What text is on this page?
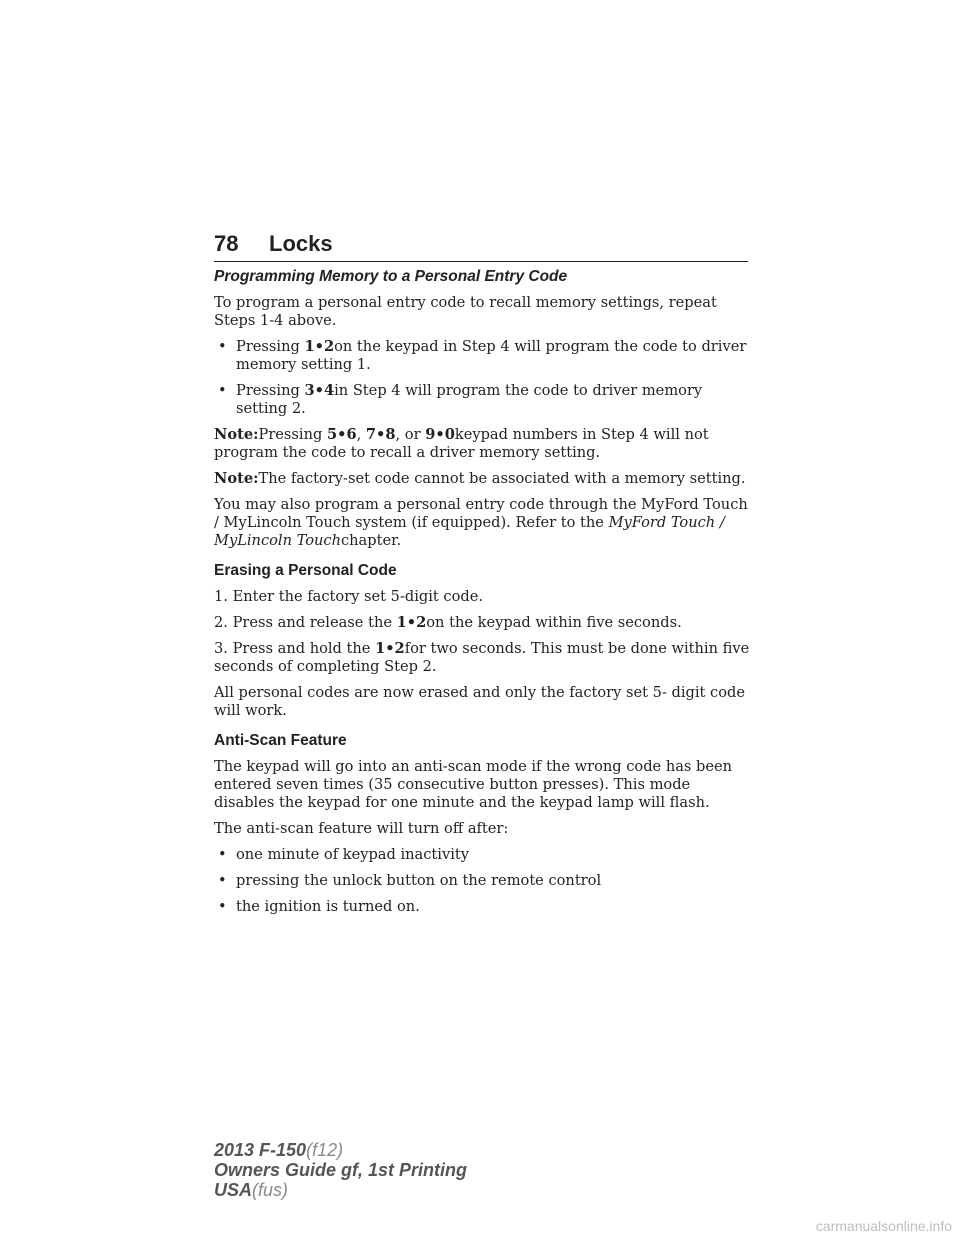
78 Locks
Programming Memory to a Personal Entry Code

To program a personal entry code to recall memory settings, repeat Steps 1-4 above.

• Pressing 1•2on the keypad in Step 4 will program the code to driver memory setting 1.
• Pressing 3•4in Step 4 will program the code to driver memory setting 2.

Note:Pressing 5•6, 7•8, or 9•0keypad numbers in Step 4 will not program the code to recall a driver memory setting.

Note:The factory-set code cannot be associated with a memory setting.

You may also program a personal entry code through the MyFord Touch / MyLincoln Touch system (if equipped). Refer to the MyFord Touch / MyLincoln Touchchapter.

Erasing a Personal Code

1. Enter the factory set 5-digit code.

2. Press and release the 1•2on the keypad within five seconds.

3. Press and hold the 1•2for two seconds. This must be done within five seconds of completing Step 2.

All personal codes are now erased and only the factory set 5- digit code will work.

Anti-Scan Feature

The keypad will go into an anti-scan mode if the wrong code has been entered seven times (35 consecutive button presses). This mode disables the keypad for one minute and the keypad lamp will flash.

The anti-scan feature will turn off after:

• one minute of keypad inactivity
• pressing the unlock button on the remote control
• the ignition is turned on.
2013 F-150(f12)
Owners Guide gf, 1st Printing
USA(fus)
carmanualsonline.info
